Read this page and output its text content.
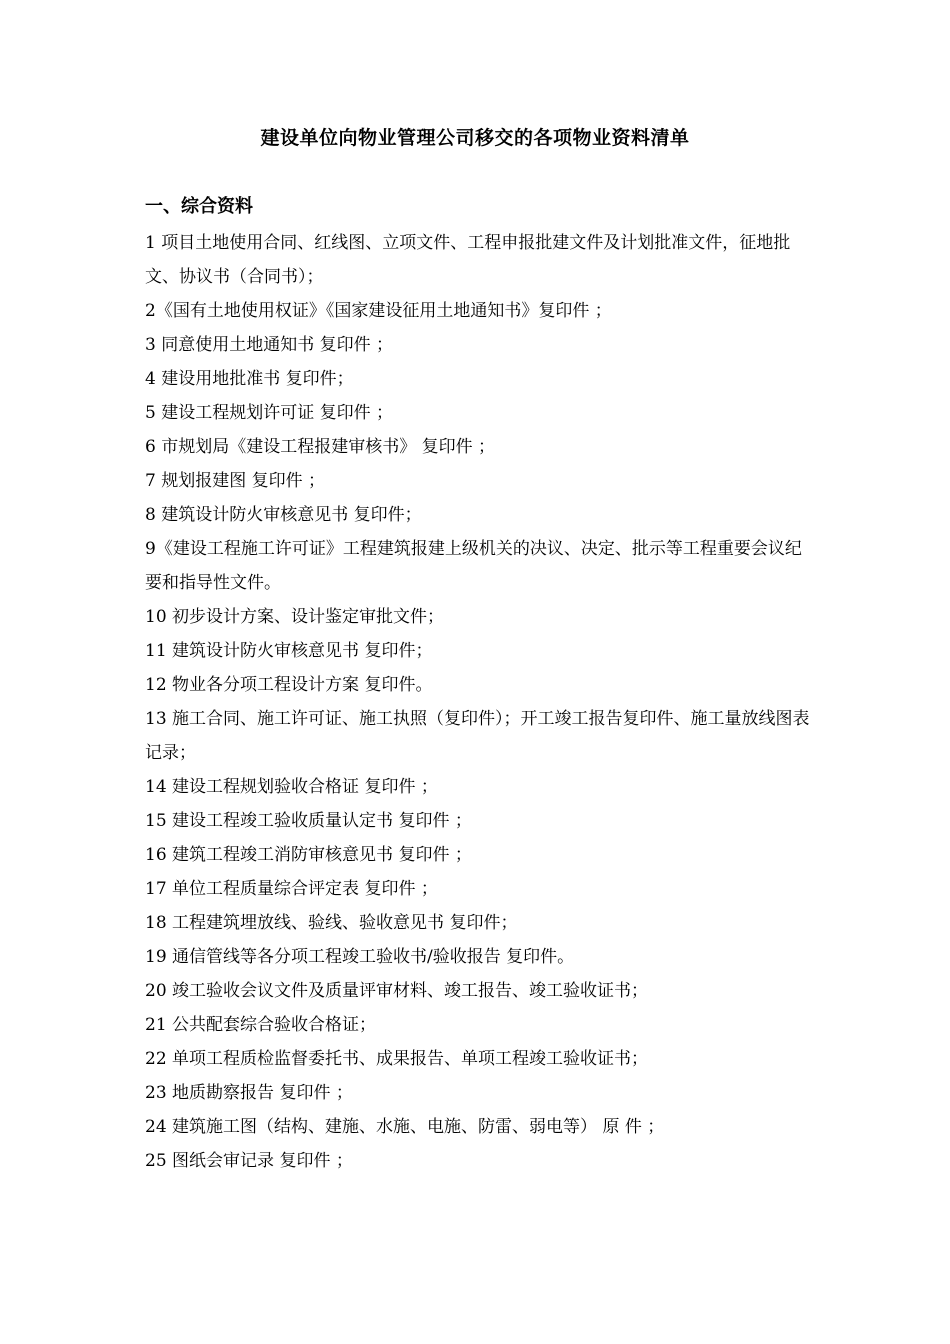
建设单位向物业管理公司移交的各项物业资料清单
一、综合资料
1 项目土地使用合同、红线图、立项文件、工程申报批建文件及计划批准文件，征地批文、协议书（合同书）；
2《国有土地使用权证》《国家建设征用土地通知书》复印件 ；
3 同意使用土地通知书 复印件 ；
4 建设用地批准书 复印件；
5 建设工程规划许可证 复印件 ；
6 市规划局《建设工程报建审核书》 复印件 ；
7 规划报建图 复印件 ；
8 建筑设计防火审核意见书 复印件；
9《建设工程施工许可证》工程建筑报建上级机关的决议、决定、批示等工程重要会议纪要和指导性文件。
10 初步设计方案、设计鉴定审批文件；
11 建筑设计防火审核意见书 复印件；
12 物业各分项工程设计方案 复印件。
13 施工合同、施工许可证、施工执照（复印件）；开工竣工报告复印件、施工量放线图表记录；
14 建设工程规划验收合格证 复印件 ；
15 建设工程竣工验收质量认定书 复印件 ；
16 建筑工程竣工消防审核意见书 复印件 ；
17 单位工程质量综合评定表 复印件 ；
18 工程建筑埋放线、验线、验收意见书 复印件；
19 通信管线等各分项工程竣工验收书/验收报告 复印件。
20 竣工验收会议文件及质量评审材料、竣工报告、竣工验收证书；
21 公共配套综合验收合格证；
22 单项工程质检监督委托书、成果报告、单项工程竣工验收证书；
23 地质勘察报告 复印件 ；
24 建筑施工图（结构、建施、水施、电施、防雷、弱电等） 原 件 ；
25 图纸会审记录 复印件 ；
